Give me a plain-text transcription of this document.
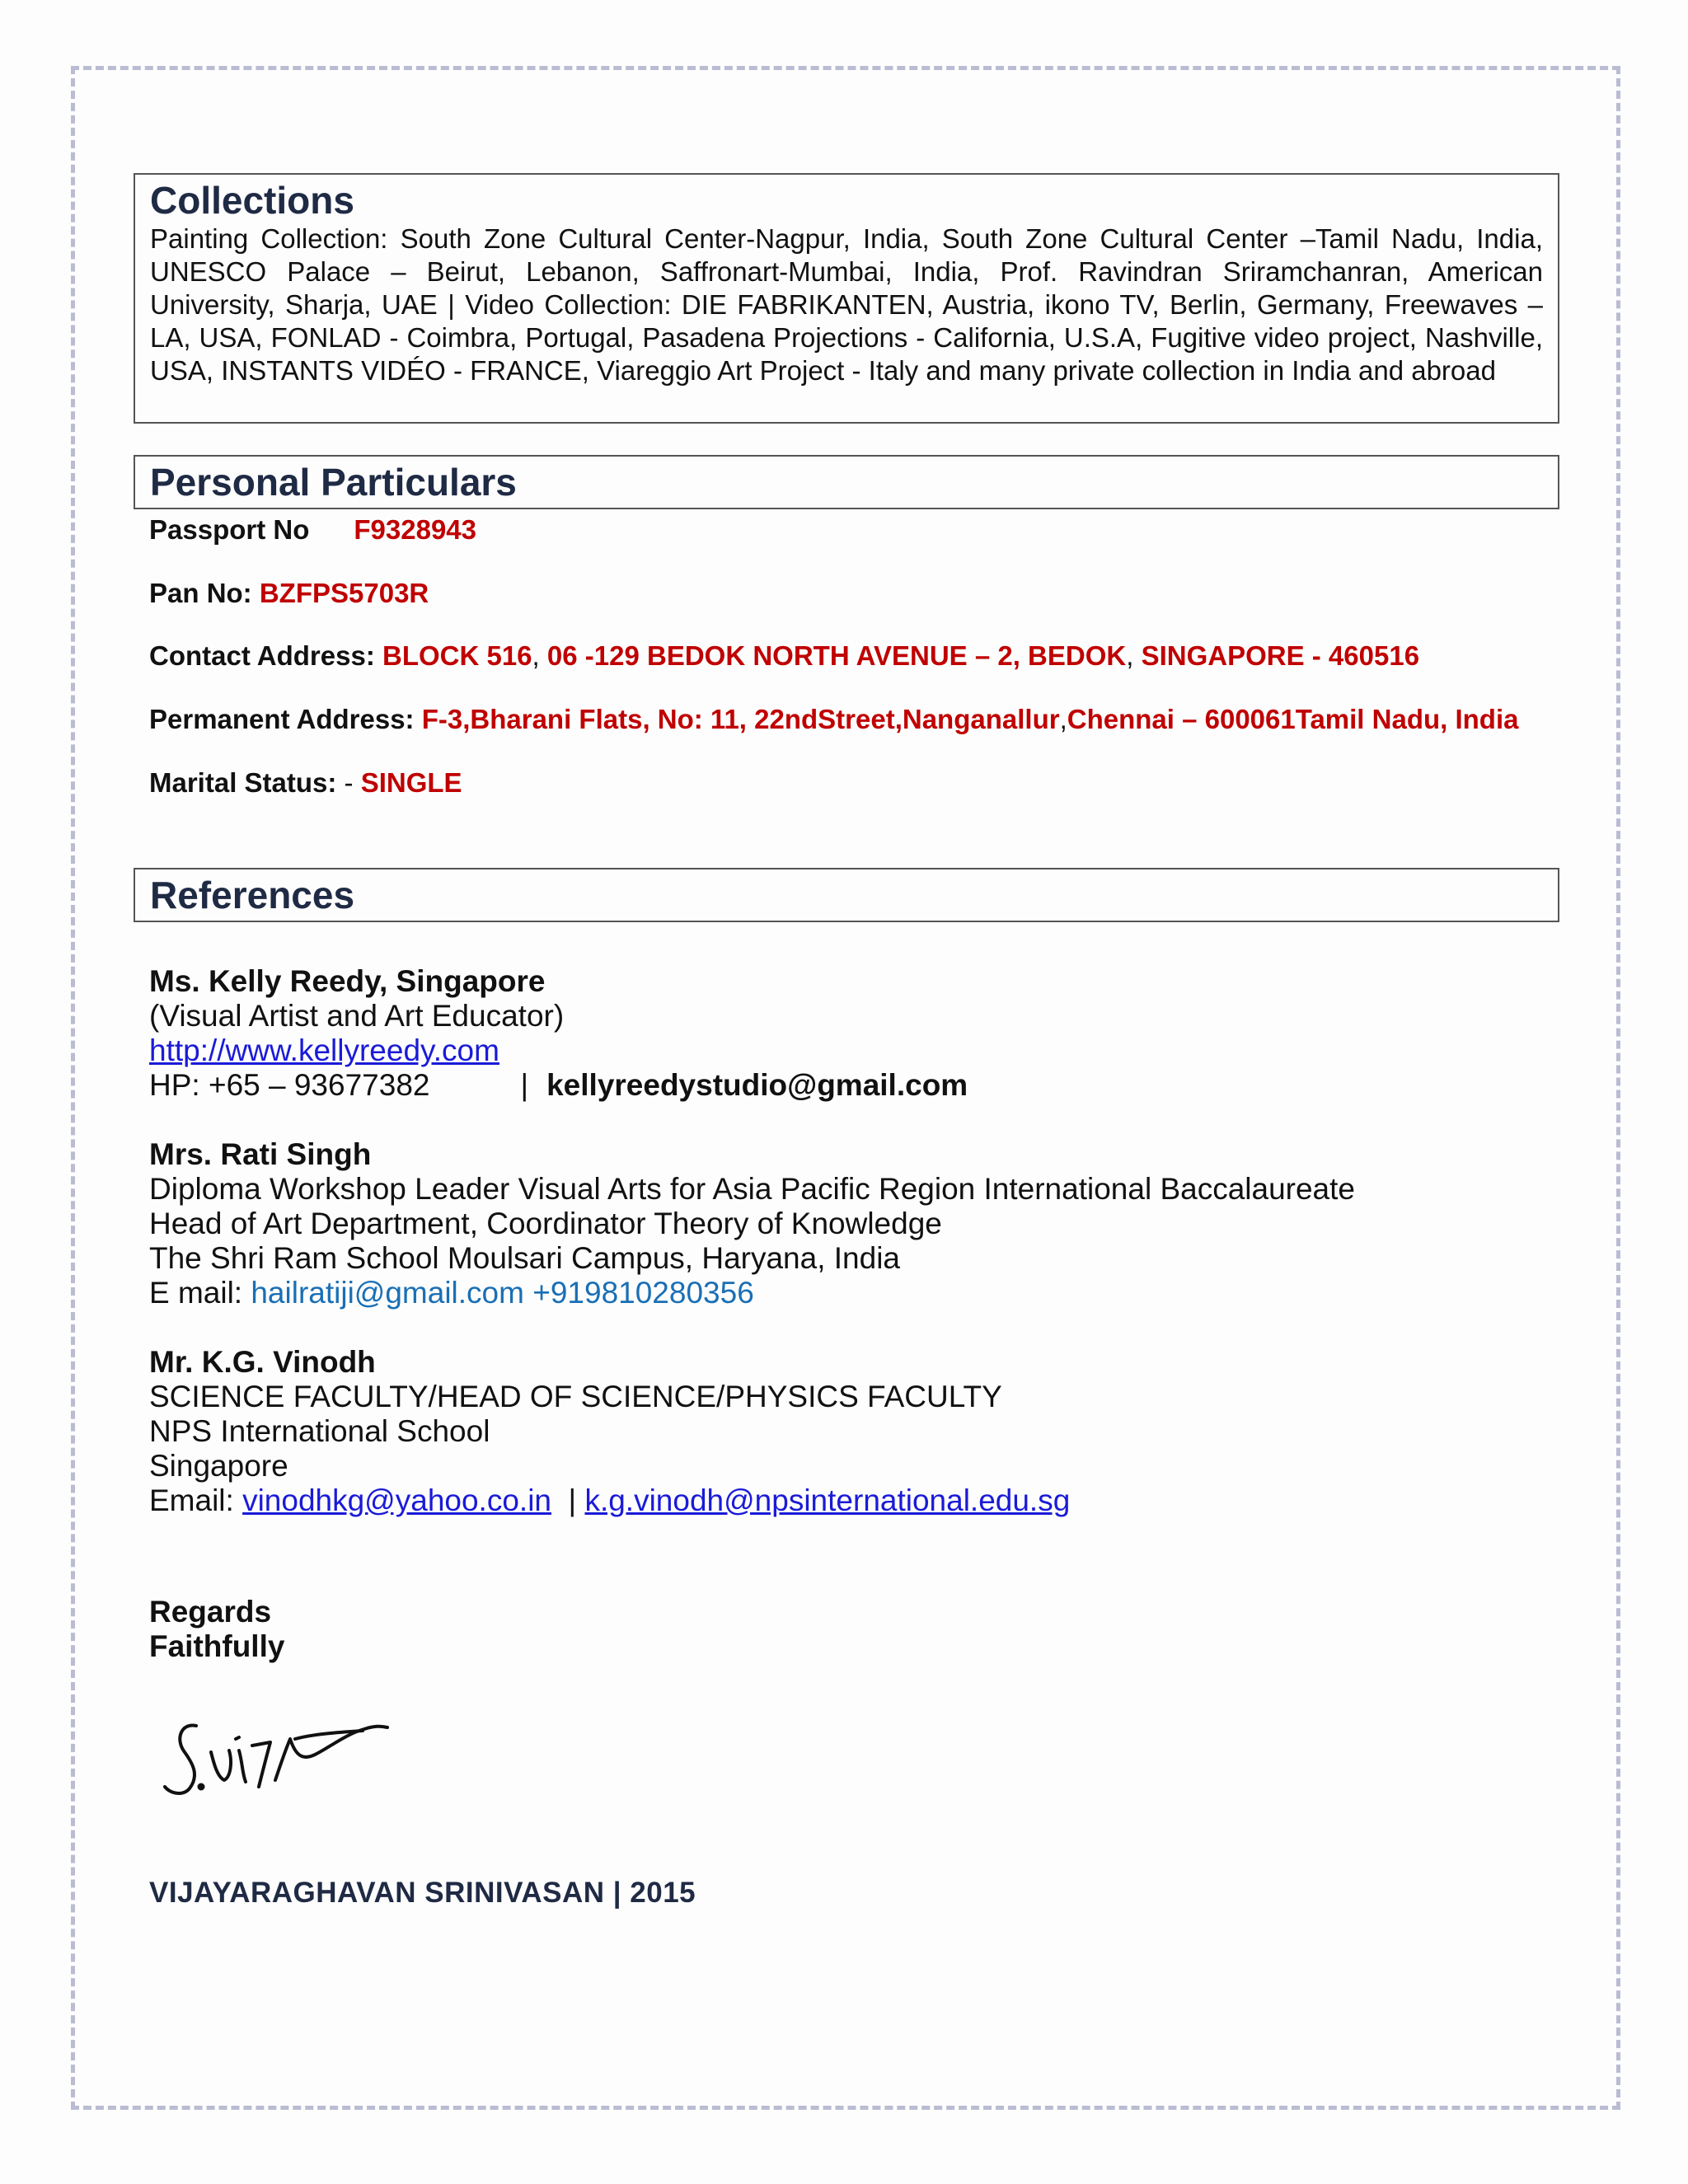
Collections

Painting Collection: South Zone Cultural Center-Nagpur, India, South Zone Cultural Center –Tamil Nadu, India, UNESCO Palace – Beirut, Lebanon, Saffronart-Mumbai, India, Prof. Ravindran Sriramchanran, American University, Sharja, UAE | Video Collection: DIE FABRIKANTEN, Austria, ikono TV, Berlin, Germany, Freewaves – LA, USA, FONLAD - Coimbra, Portugal, Pasadena Projections - California, U.S.A, Fugitive video project, Nashville, USA, INSTANTS VIDÉO - FRANCE, Viareggio Art Project - Italy and many private collection in India and abroad

Personal Particulars
Passport No F9328943
Pan No: BZFPS5703R
Contact Address: BLOCK 516, 06 -129 BEDOK NORTH AVENUE – 2, BEDOK, SINGAPORE - 460516
Permanent Address: F-3,Bharani Flats, No: 11, 22ndStreet,Nanganallur,Chennai – 600061Tamil Nadu, India
Marital Status: - SINGLE
References
Ms. Kelly Reedy, Singapore
(Visual Artist and Art Educator)
http://www.kellyreedy.com
HP: +65 – 93677382	| kellyreedystudio@gmail.com
Mrs. Rati Singh
Diploma Workshop Leader Visual Arts for Asia Pacific Region International Baccalaureate
Head of Art Department, Coordinator Theory of Knowledge
The Shri Ram School Moulsari Campus, Haryana, India
E mail: hailratiji@gmail.com +919810280356
Mr. K.G. Vinodh
SCIENCE FACULTY/HEAD OF SCIENCE/PHYSICS FACULTY
NPS International School
Singapore
Email: vinodhkg@yahoo.co.in  | k.g.vinodh@npsinternational.edu.sg
Regards
Faithfully
VIJAYARAGHAVAN SRINIVASAN | 2015
